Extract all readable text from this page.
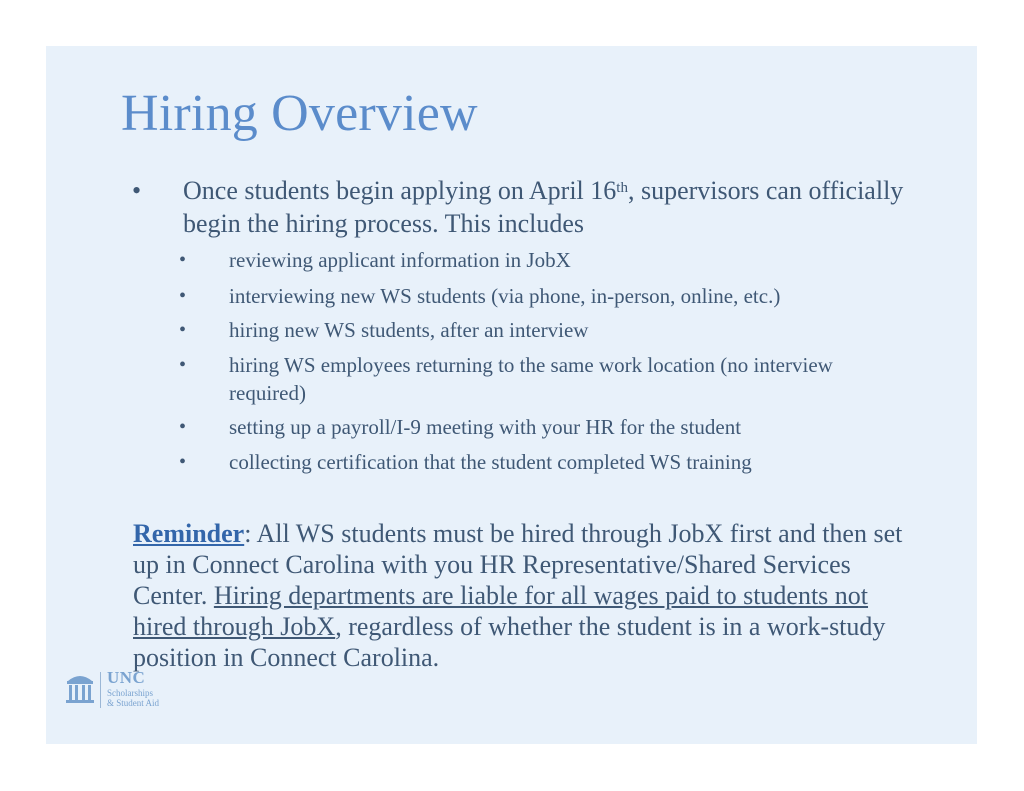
Hiring Overview
• Once students begin applying on April 16th, supervisors can officially begin the hiring process. This includes
• reviewing applicant information in JobX
• interviewing new WS students (via phone, in-person, online, etc.)
• hiring new WS students, after an interview
• hiring WS employees returning to the same work location (no interview required)
• setting up a payroll/I-9 meeting with your HR for the student
• collecting certification that the student completed WS training
Reminder: All WS students must be hired through JobX first and then set up in Connect Carolina with you HR Representative/Shared Services Center. Hiring departments are liable for all wages paid to students not hired through JobX, regardless of whether the student is in a work-study position in Connect Carolina.
UNC
Scholarships
& Student Aid
